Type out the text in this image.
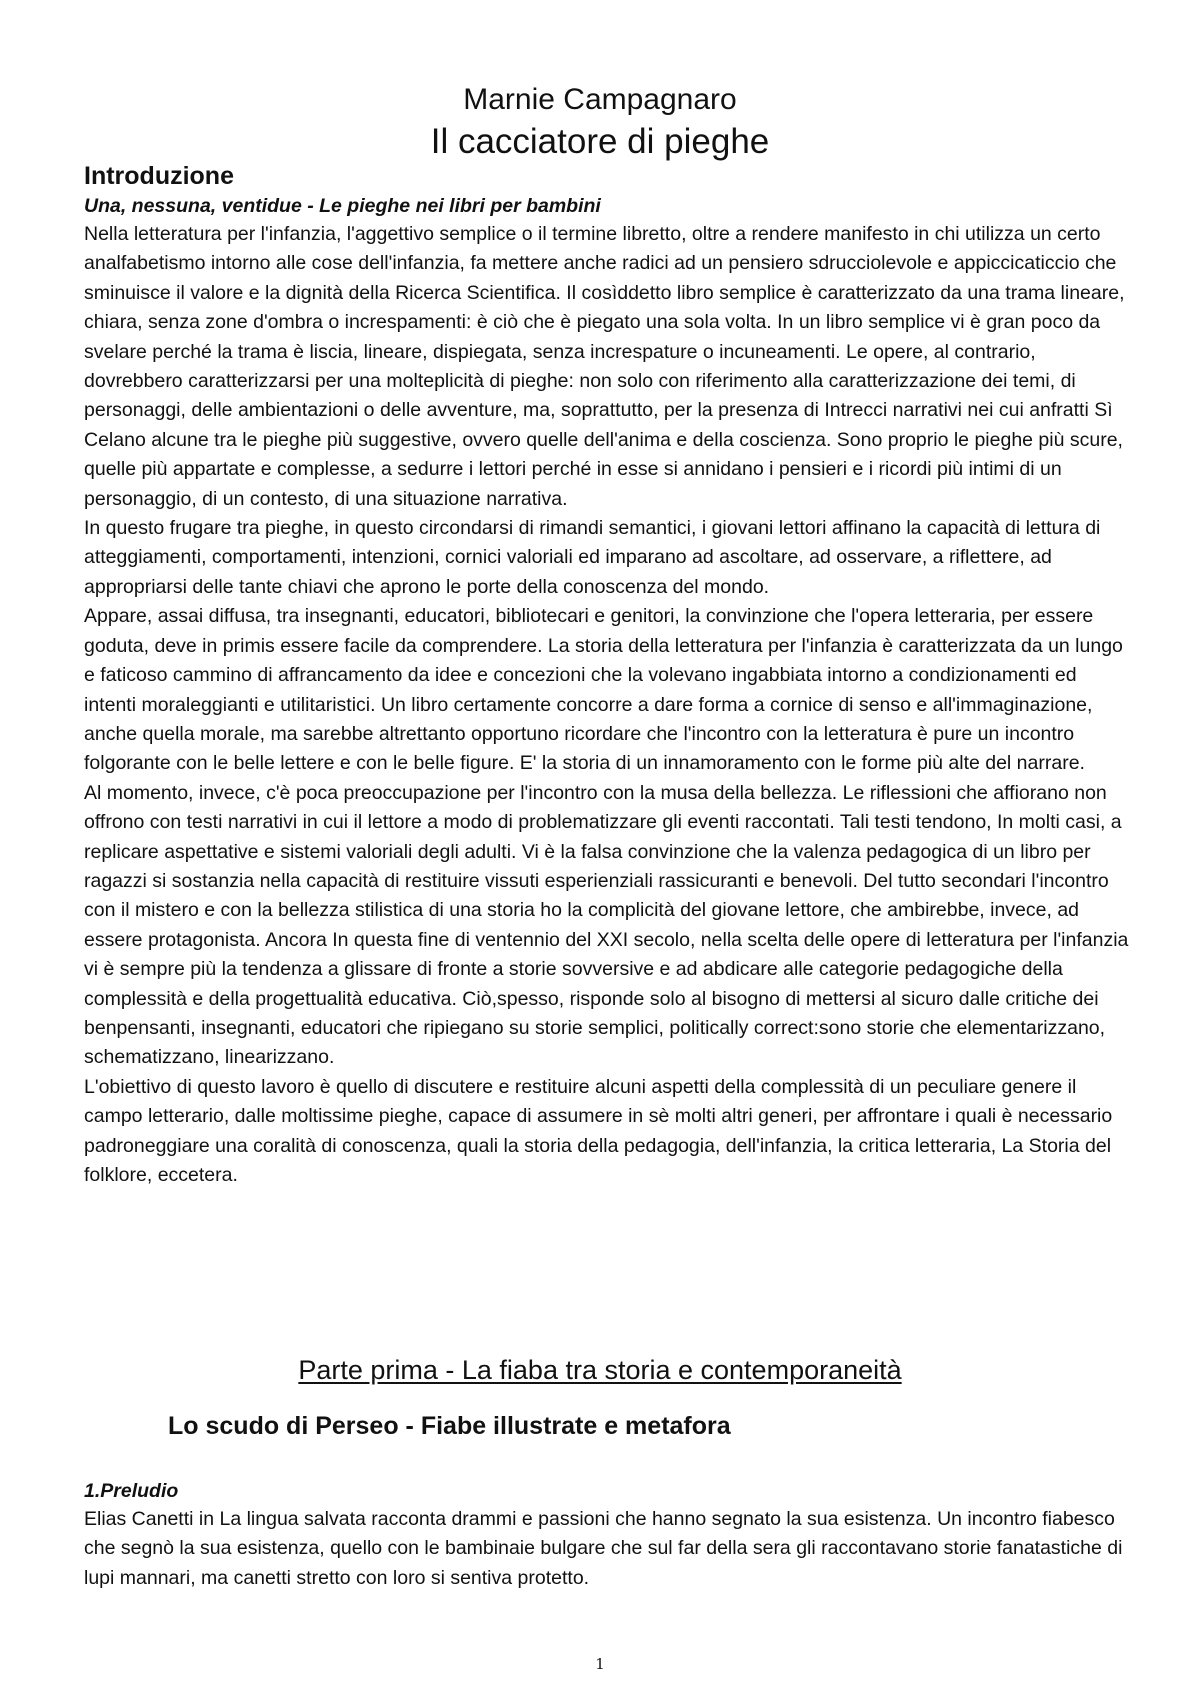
Marnie Campagnaro
Il cacciatore di pieghe
Introduzione
Una, nessuna, ventidue - Le pieghe nei libri per bambini

Nella letteratura per l'infanzia, l'aggettivo semplice o il termine libretto, oltre a rendere manifesto in chi utilizza un certo analfabetismo intorno alle cose dell'infanzia, fa mettere anche radici ad un pensiero sdrucciolevole e appiccicaticcio che sminuisce il valore e la dignità della Ricerca Scientifica. Il cosìddetto libro semplice è caratterizzato da una trama lineare, chiara, senza zone d'ombra o increspamenti: è ciò che è piegato una sola volta. In un libro semplice vi è gran poco da svelare perché la trama è liscia, lineare, dispiegata, senza increspature o incuneamenti. Le opere, al contrario, dovrebbero caratterizzarsi per una molteplicità di pieghe: non solo con riferimento alla caratterizzazione dei temi, di personaggi, delle ambientazioni o delle avventure, ma, soprattutto, per la presenza di Intrecci narrativi nei cui anfratti Sì Celano alcune tra le pieghe più suggestive, ovvero quelle dell'anima e della coscienza. Sono proprio le pieghe più scure, quelle più appartate e complesse, a sedurre i lettori perché in esse si annidano i pensieri e i ricordi più intimi di un personaggio, di un contesto, di una situazione narrativa.

In questo frugare tra pieghe, in questo circondarsi di rimandi semantici, i giovani lettori affinano la capacità di lettura di atteggiamenti, comportamenti, intenzioni, cornici valoriali ed imparano ad ascoltare, ad osservare, a riflettere, ad appropriarsi delle tante chiavi che aprono le porte della conoscenza del mondo.

Appare, assai diffusa, tra insegnanti, educatori, bibliotecari e genitori, la convinzione che l'opera letteraria, per essere goduta, deve in primis essere facile da comprendere. La storia della letteratura per l'infanzia è caratterizzata da un lungo e faticoso cammino di affrancamento da idee e concezioni che la volevano ingabbiata intorno a condizionamenti ed intenti moraleggianti e utilitaristici. Un libro certamente concorre a dare forma a cornice di senso e all'immaginazione, anche quella morale, ma sarebbe altrettanto opportuno ricordare che l'incontro con la letteratura è pure un incontro folgorante con le belle lettere e con le belle figure. E' la storia di un innamoramento con le forme più alte del narrare.

Al momento, invece, c'è poca preoccupazione per l'incontro con la musa della bellezza. Le riflessioni che affiorano non offrono con testi narrativi in cui il lettore a modo di problematizzare gli eventi raccontati. Tali testi tendono, In molti casi, a replicare aspettative e sistemi valoriali degli adulti. Vi è la falsa convinzione che la valenza pedagogica di un libro per ragazzi si sostanzia nella capacità di restituire vissuti esperienziali rassicuranti e benevoli. Del tutto secondari l'incontro con il mistero e con la bellezza stilistica di una storia ho la complicità del giovane lettore, che ambirebbe, invece, ad essere protagonista. Ancora In questa fine di ventennio del XXI secolo, nella scelta delle opere di letteratura per l'infanzia vi è sempre più la tendenza a glissare di fronte a storie sovversive e ad abdicare alle categorie pedagogiche della complessità e della progettualità educativa. Ciò,spesso, risponde solo al bisogno di mettersi al sicuro dalle critiche dei benpensanti, insegnanti, educatori che ripiegano su storie semplici, politically correct:sono storie che elementarizzano, schematizzano, linearizzano.

L'obiettivo di questo lavoro è quello di discutere e restituire alcuni aspetti della complessità di un peculiare genere il campo letterario, dalle moltissime pieghe, capace di assumere in sè molti altri generi, per affrontare i quali è necessario padroneggiare una coralità di conoscenza, quali la storia della pedagogia, dell'infanzia, la critica letteraria, La Storia del folklore, eccetera.

Parte prima - La fiaba tra storia e contemporaneità
Lo scudo di Perseo - Fiabe illustrate e metafora
1.Preludio

Elias Canetti in La lingua salvata racconta drammi e passioni che hanno segnato la sua esistenza. Un incontro fiabesco che segnò la sua esistenza, quello con le bambinaie bulgare che sul far della sera gli raccontavano storie fanatastiche di lupi mannari, ma canetti stretto con loro si sentiva protetto.

1
